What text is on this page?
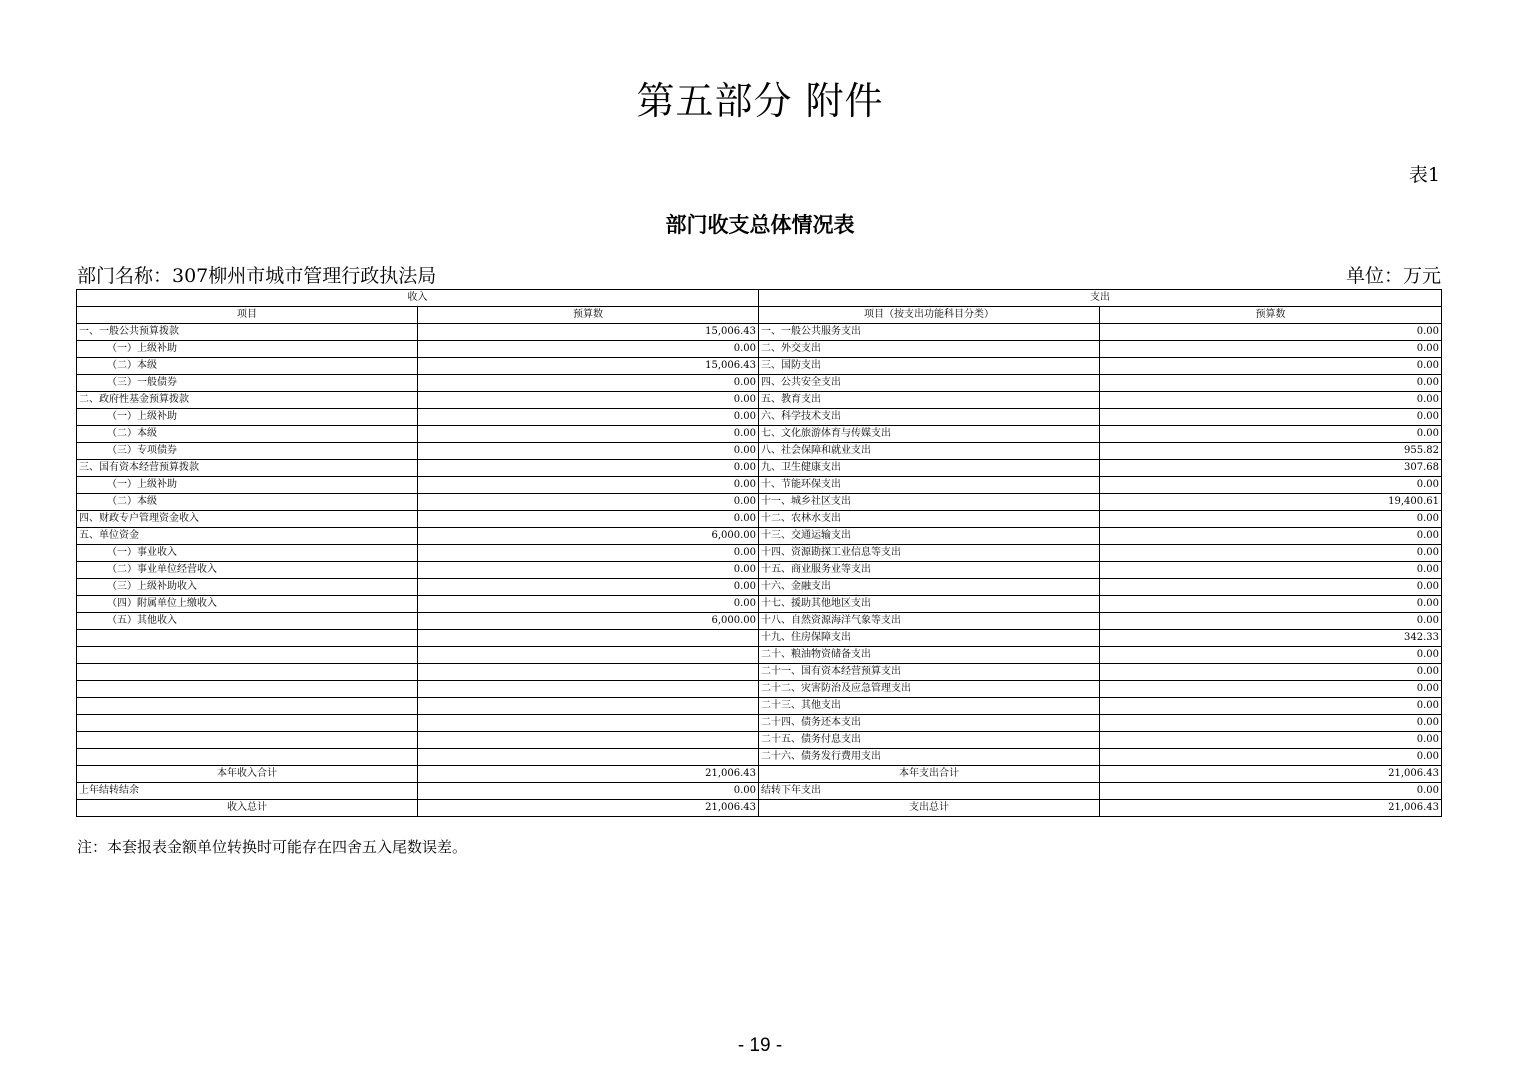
第五部分 附件
表1
部门收支总体情况表
部门名称：307柳州市城市管理行政执法局	单位：万元
收入		支出	
项目	预算数	项目（按支出功能科目分类）	预算数
一、一般公共预算拨款	15,006.43	一、一般公共服务支出	0.00
（一）上级补助	0.00	二、外交支出	0.00
（二）本级	15,006.43	三、国防支出	0.00
（三）一般债券	0.00	四、公共安全支出	0.00
二、政府性基金预算拨款	0.00	五、教育支出	0.00
（一）上级补助	0.00	六、科学技术支出	0.00
（二）本级	0.00	七、文化旅游体育与传媒支出	0.00
（三）专项债券	0.00	八、社会保障和就业支出	955.82
三、国有资本经营预算拨款	0.00	九、卫生健康支出	307.68
（一）上级补助	0.00	十、节能环保支出	0.00
（二）本级	0.00	十一、城乡社区支出	19,400.61
四、财政专户管理资金收入	0.00	十二、农林水支出	0.00
五、单位资金	6,000.00	十三、交通运输支出	0.00
（一）事业收入	0.00	十四、资源勘探工业信息等支出	0.00
（二）事业单位经营收入	0.00	十五、商业服务业等支出	0.00
（三）上级补助收入	0.00	十六、金融支出	0.00
（四）附属单位上缴收入	0.00	十七、援助其他地区支出	0.00
（五）其他收入	6,000.00	十八、自然资源海洋气象等支出	0.00
		十九、住房保障支出	342.33
		二十、粮油物资储备支出	0.00
		二十一、国有资本经营预算支出	0.00
		二十二、灾害防治及应急管理支出	0.00
		二十三、其他支出	0.00
		二十四、债务还本支出	0.00
		二十五、债务付息支出	0.00
		二十六、债务发行费用支出	0.00
本年收入合计	21,006.43	本年支出合计	21,006.43
上年结转结余	0.00	结转下年支出	0.00
收入总计	21,006.43	支出总计	21,006.43
注：本套报表金额单位转换时可能存在四舍五入尾数误差。
- 19 -
